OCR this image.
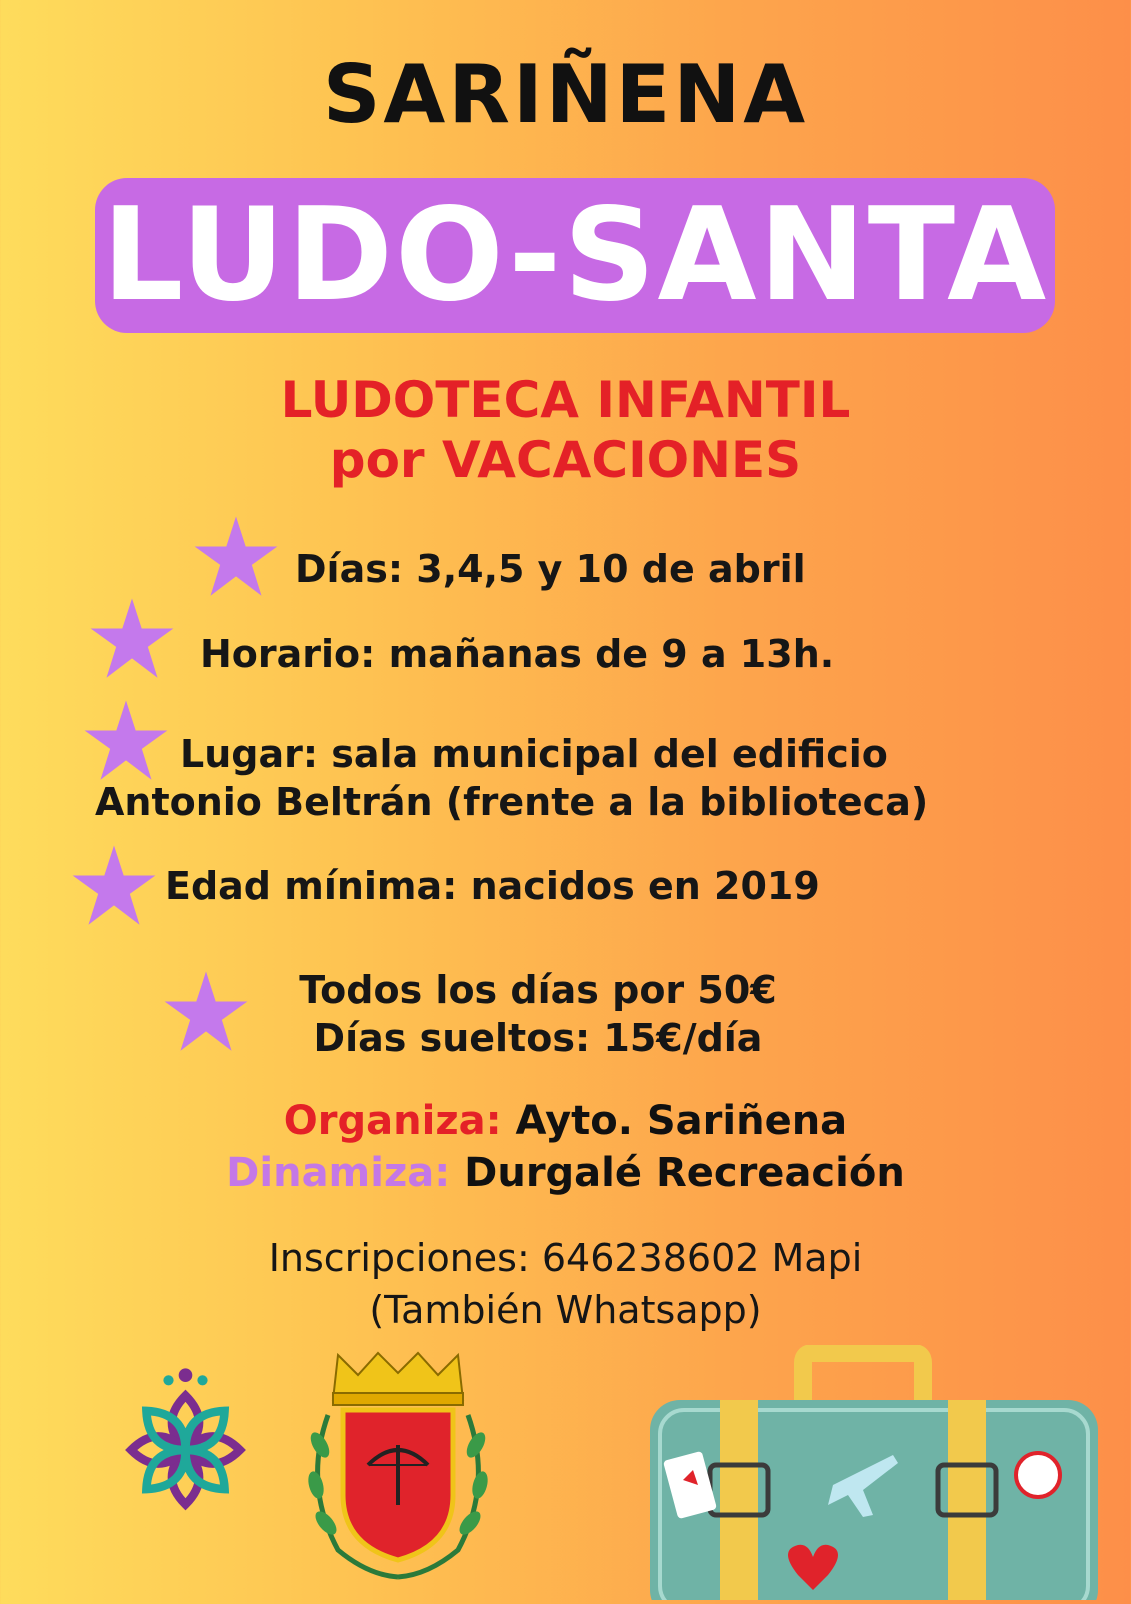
SARIÑENA
LUDO-SANTA
LUDOTECA INFANTIL
por VACACIONES
Días: 3,4,5 y 10 de abril
Horario: mañanas de 9 a 13h.
Lugar: sala municipal del edificio
Antonio Beltrán (frente a la biblioteca)
Edad mínima: nacidos en 2019
Todos los días por 50€
Días sueltos: 15€/día
Organiza: Ayto. Sariñena
Dinamiza: Durgalé Recreación
Inscripciones: 646238602 Mapi
(También Whatsapp)
